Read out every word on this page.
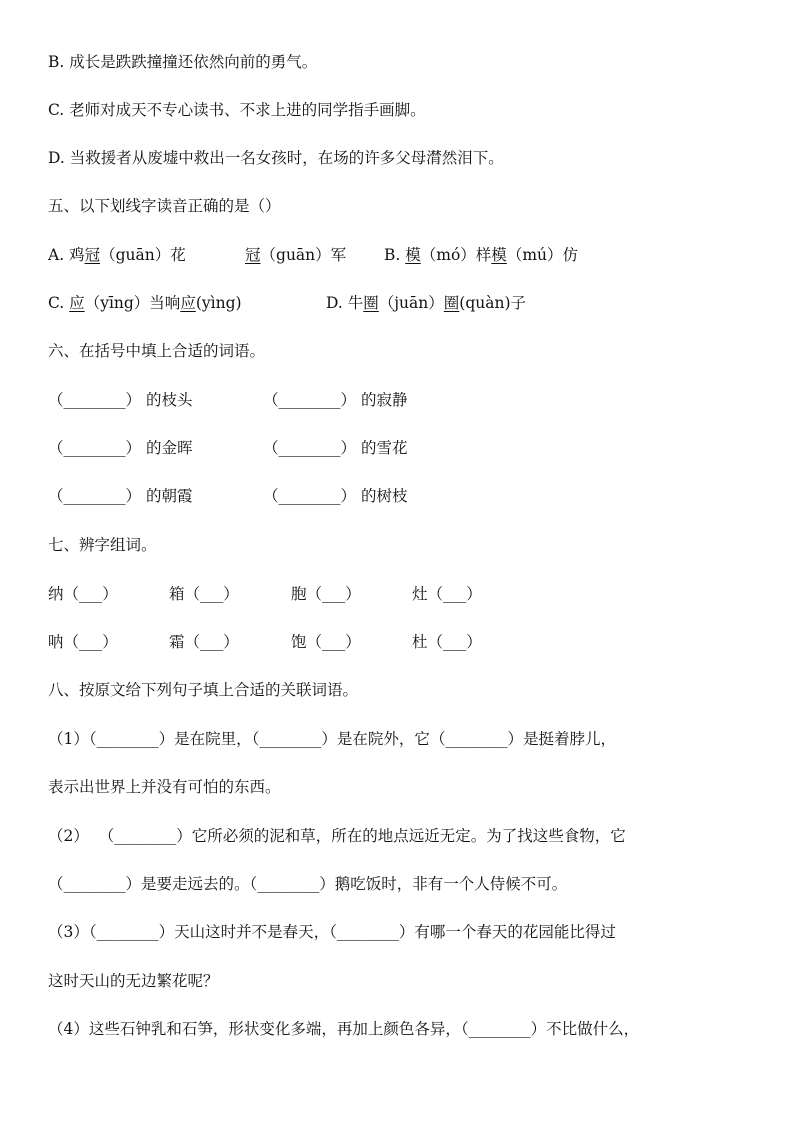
B. 成长是跌跌撞撞还依然向前的勇气。
C. 老师对成天不专心读书、不求上进的同学指手画脚。
D. 当救援者从废墟中救出一名女孩时，在场的许多父母潸然泪下。
五、以下划线字读音正确的是（）
A. 鸡冠（guān）花	冠（guān）军 B. 模（mó）样模（mú）仿
C. 应（yīng）当响应(yìng)	D. 牛圈（juān）圈(quàn)子
六、在括号中填上合适的词语。
（________） 的枝头	（________） 的寂静
（________） 的金晖	（________） 的雪花
（________） 的朝霞	（________） 的树枝
七、辨字组词。
纳（___）	箱（___）	胞（___）	灶（___）
呐（___）	霜（___）	饱（___）	杜（___）
八、按原文给下列句子填上合适的关联词语。
（1）（________）是在院里，（________）是在院外，它（________）是挺着脖儿，
表示出世界上并没有可怕的东西。
（2） （________）它所必须的泥和草，所在的地点远近无定。为了找这些食物，它
（________）是要走远去的。（________）鹅吃饭时，非有一个人侍候不可。
（3）（________）天山这时并不是春天，（________）有哪一个春天的花园能比得过
这时天山的无边繁花呢？
（4）这些石钟乳和石笋，形状变化多端，再加上颜色各异，（________）不比做什么，
